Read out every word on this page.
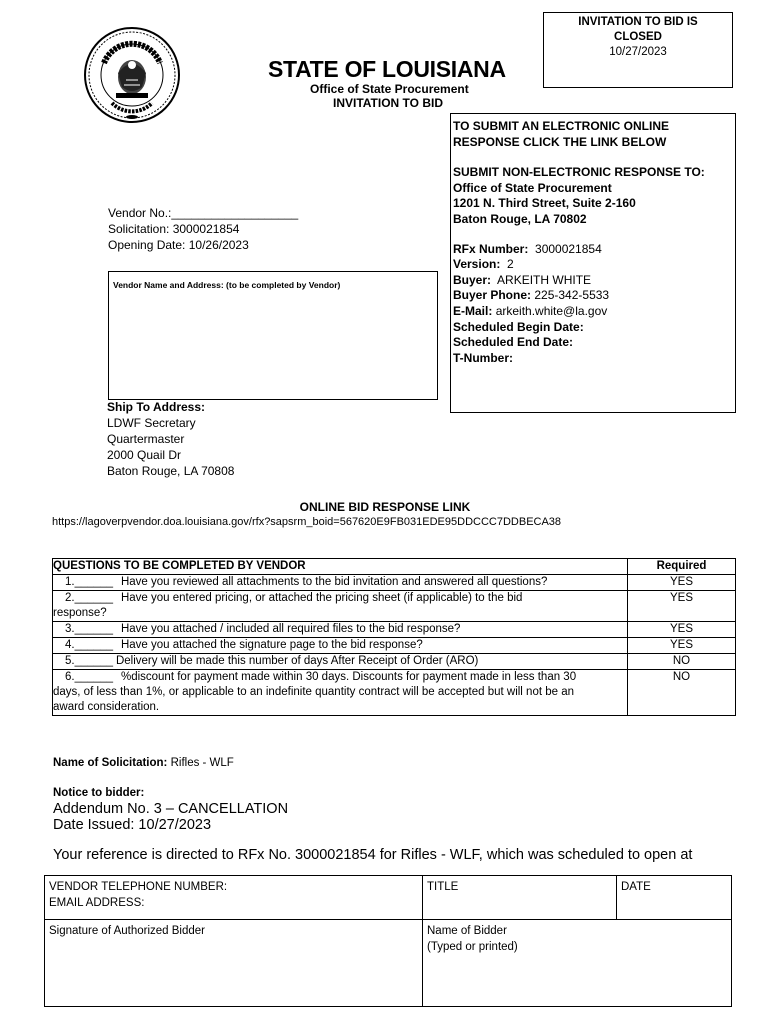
INVITATION TO BID IS
CLOSED
10/27/2023
STATE OF LOUISIANA
Office of State Procurement
INVITATION TO BID
TO SUBMIT AN ELECTRONIC ONLINE
RESPONSE CLICK THE LINK BELOW
SUBMIT NON-ELECTRONIC RESPONSE TO:
Office of State Procurement
1201 N. Third Street, Suite 2-160
Baton Rouge, LA 70802
RFx Number: 3000021854
Version: 2
Buyer: ARKEITH WHITE
Buyer Phone: 225-342-5533
E-Mail: arkeith.white@la.gov
Scheduled Begin Date:
Scheduled End Date:
T-Number:
Vendor No.:___________________
Solicitation: 3000021854
Opening Date: 10/26/2023
Vendor Name and Address: (to be completed by Vendor)
Ship To Address:
LDWF Secretary
Quartermaster
2000 Quail Dr
Baton Rouge, LA 70808
ONLINE BID RESPONSE LINK
https://lagoverpvendor.doa.louisiana.gov/rfx?sapsrm_boid=567620E9FB031EDE95DDCCC7DDBECA38
QUESTIONS TO BE COMPLETED BY VENDOR	Required
1.______ Have you reviewed all attachments to the bid invitation and answered all questions?	YES
2.______ Have you entered pricing, or attached the pricing sheet (if applicable) to the bid
response?	YES
3.______ Have you attached / included all required files to the bid response?	YES
4.______ Have you attached the signature page to the bid response?	YES
5.______ Delivery will be made this number of days After Receipt of Order (ARO)	NO
6.______ %discount for payment made within 30 days. Discounts for payment made in less than 30
days, of less than 1%, or applicable to an indefinite quantity contract will be accepted but will not be an
award consideration.	NO
Name of Solicitation: Rifles - WLF
Notice to bidder:
Addendum No. 3 – CANCELLATION
Date Issued: 10/27/2023
Your reference is directed to RFx No. 3000021854 for Rifles - WLF, which was scheduled to open at
VENDOR TELEPHONE NUMBER:
EMAIL ADDRESS:	TITLE	DATE
Signature of Authorized Bidder	Name of Bidder
(Typed or printed)	
